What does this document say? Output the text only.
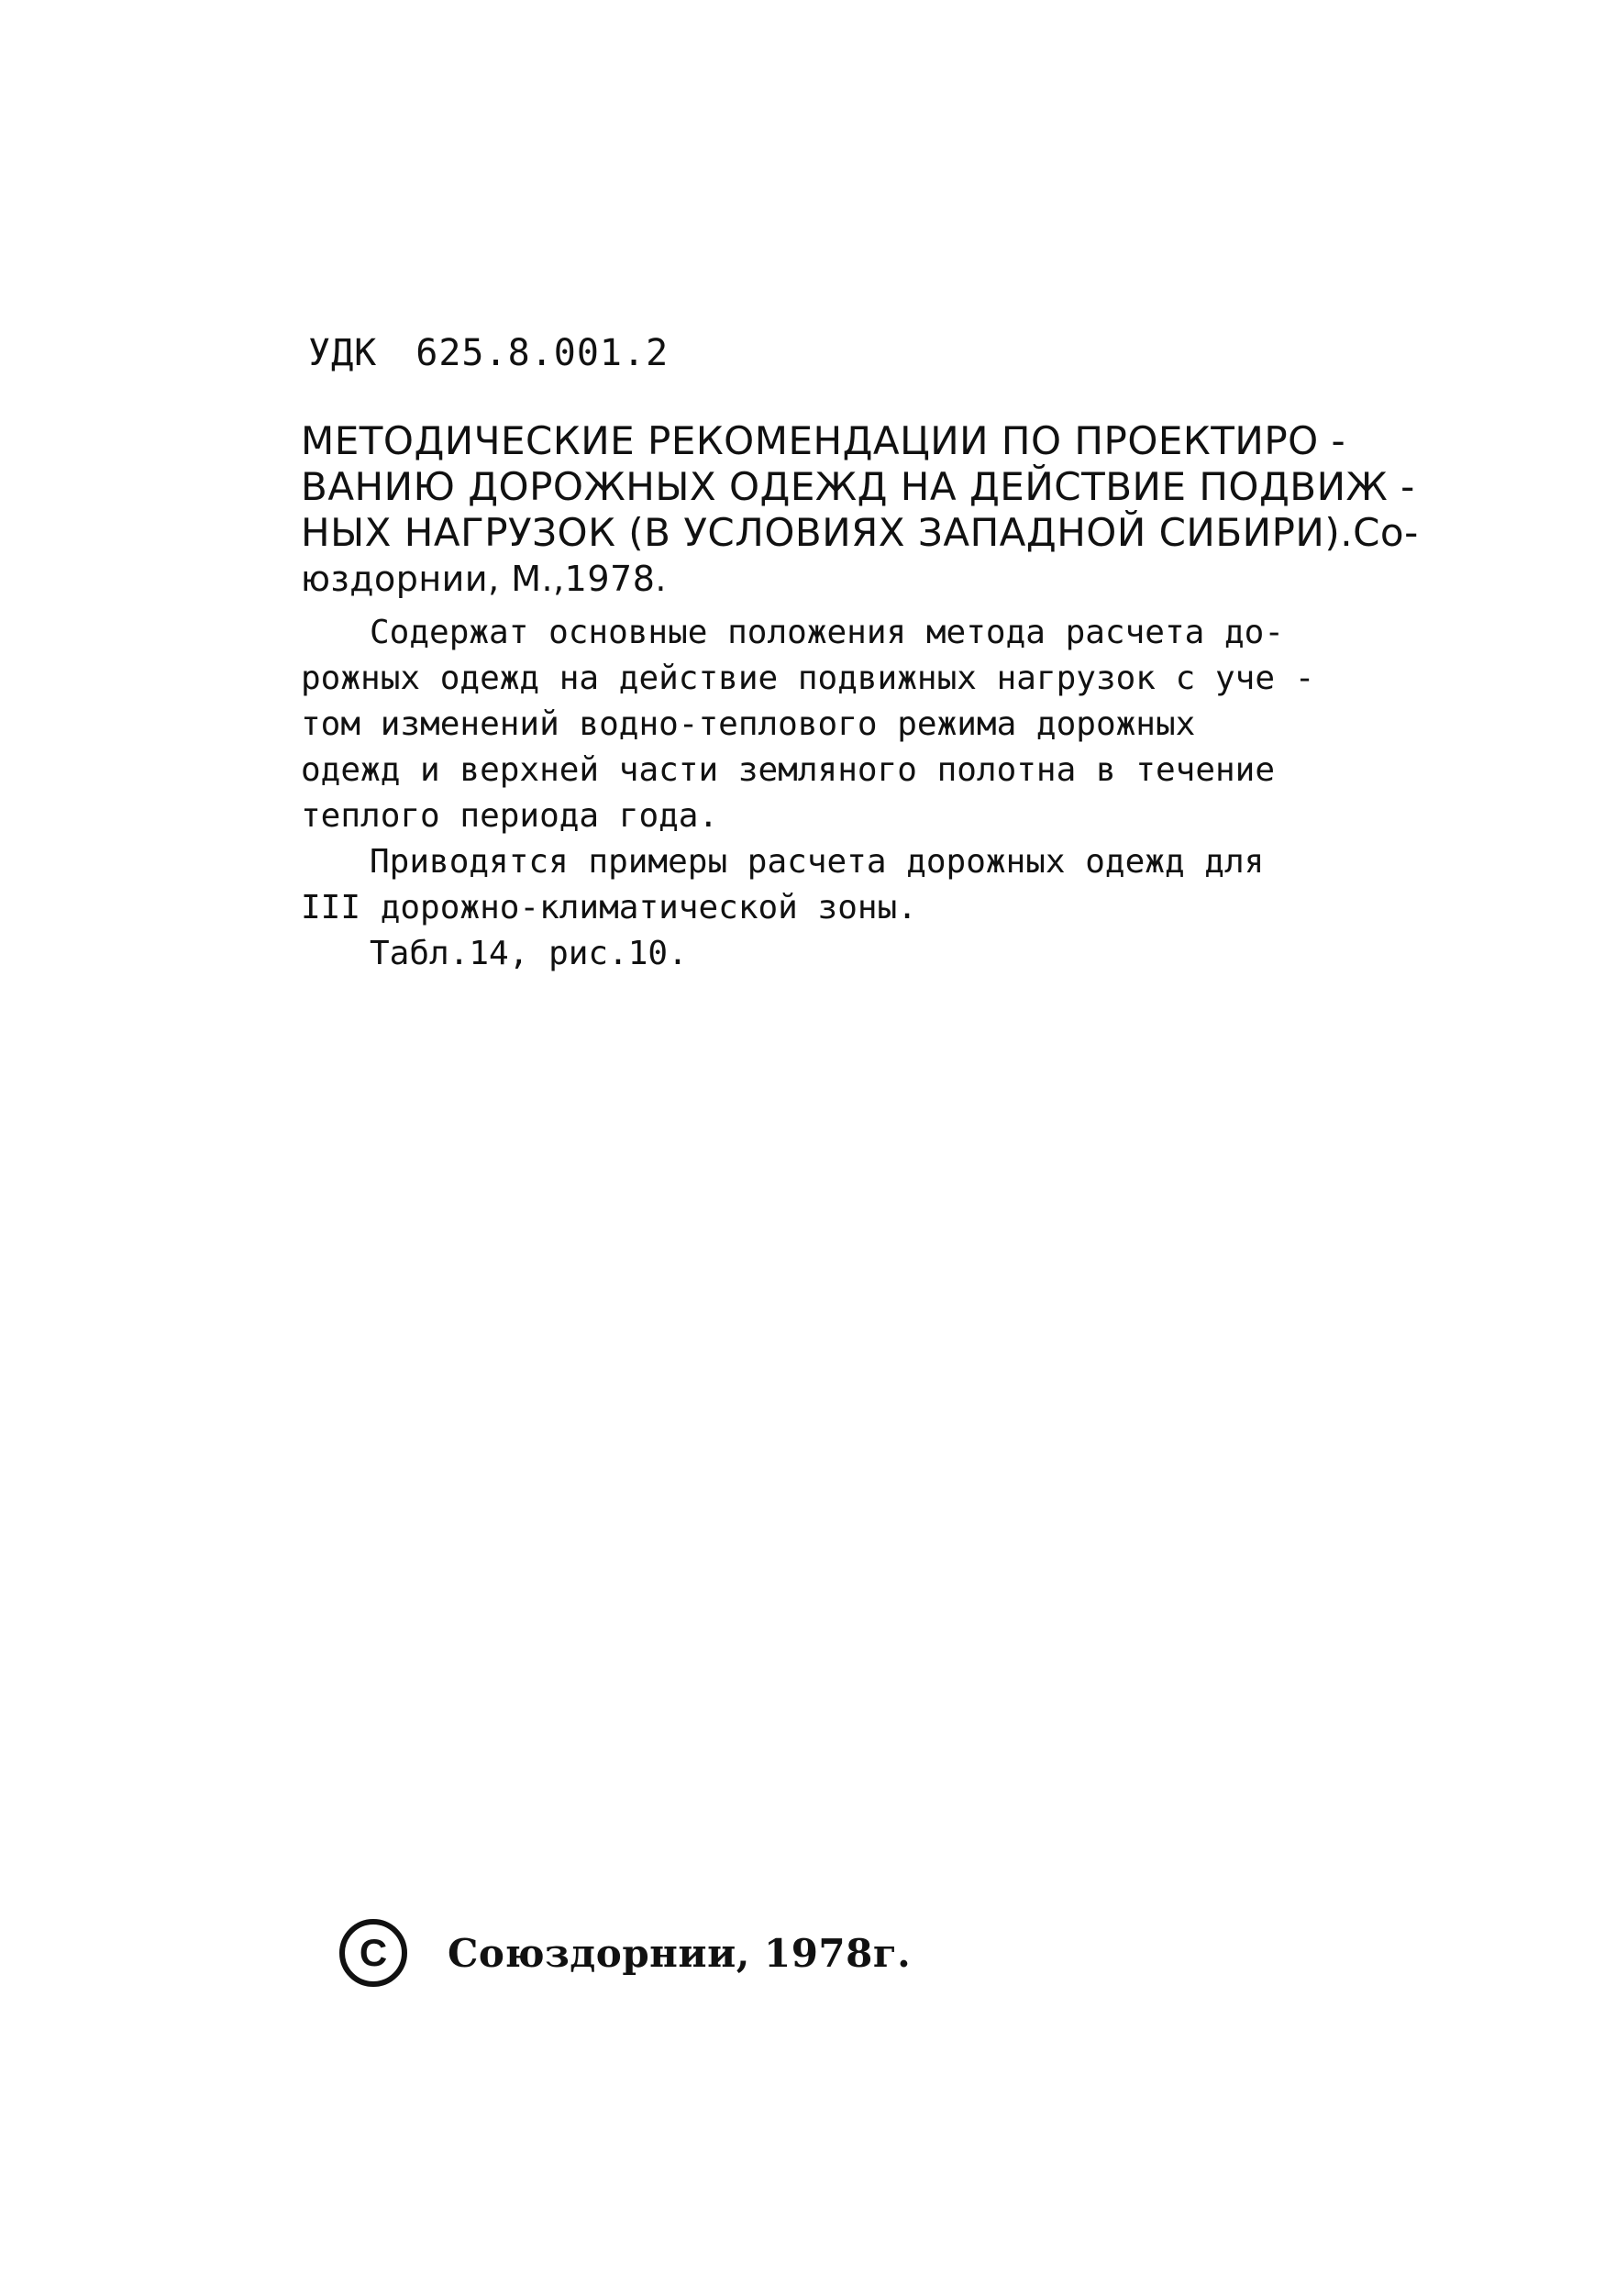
УДК 625.8.001.2
МЕТОДИЧЕСКИЕ РЕКОМЕНДАЦИИ ПО ПРОЕКТИРО -
ВАНИЮ ДОРОЖНЫХ ОДЕЖД НА ДЕЙСТВИЕ ПОДВИЖ -
НЫХ НАГРУЗОК (В УСЛОВИЯХ ЗАПАДНОЙ СИБИРИ).Со-
юздорнии, М.,1978.
Содержат основные положения метода расчета до-
рожных одежд на действие подвижных нагрузок с уче -
том изменений водно-теплового режима дорожных
одежд и верхней части земляного полотна в течение
теплого периода года.
Приводятся примеры расчета дорожных одежд для
III дорожно-климатической зоны.
Табл.14, рис.10.
C Союздорнии, 1978г.
